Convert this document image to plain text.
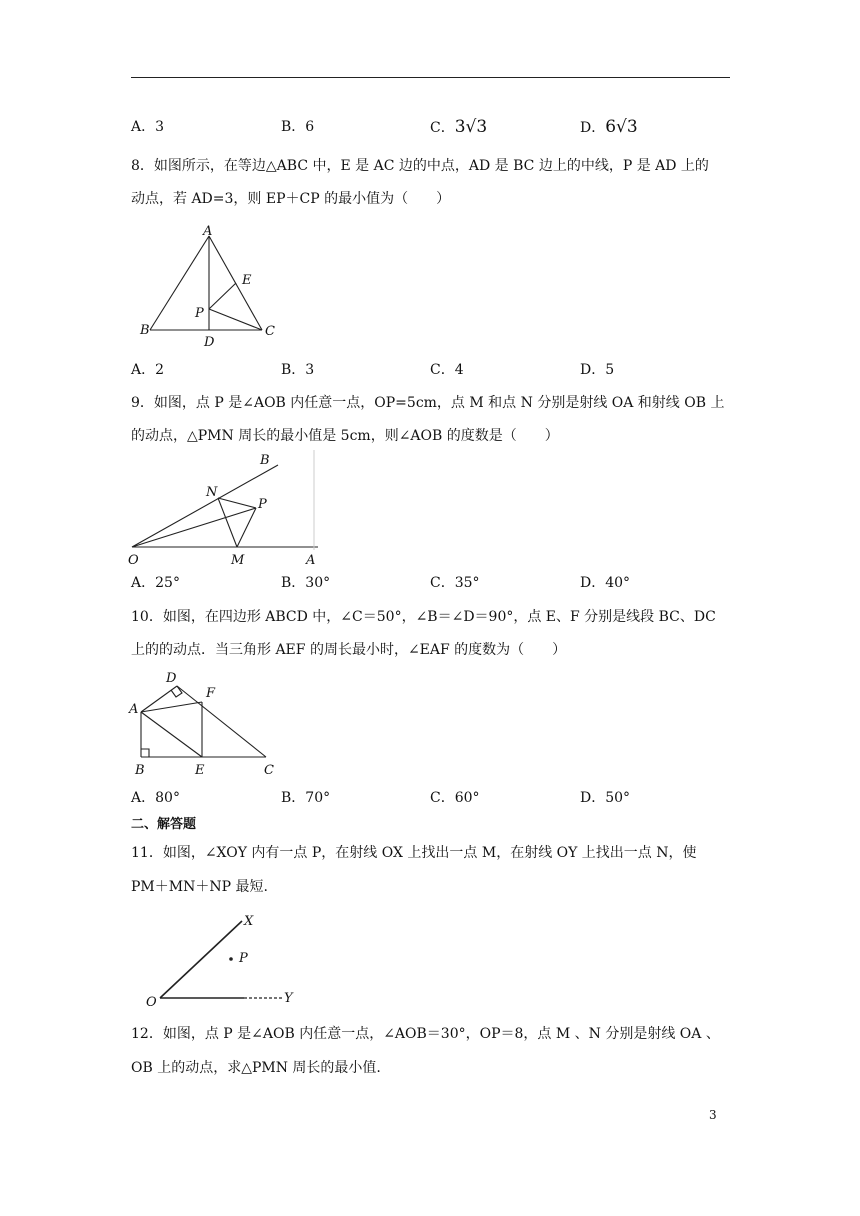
A．3	B．6	C．3√3	D．6√3
8．如图所示，在等边△ABC 中，E 是 AC 边的中点，AD 是 BC 边上的中线，P 是 AD 上的
动点，若 AD=3，则 EP＋CP 的最小值为（　　）
A
B	C
D
E
P
A．2	B．3	C．4	D．5
9．如图，点 P 是∠AOB 内任意一点，OP=5cm，点 M 和点 N 分别是射线 OA 和射线 OB 上
的动点，△PMN 周长的最小值是 5cm，则∠AOB 的度数是（　　）
B
N
P
O	M	A
A．25°	B．30°	C．35°	D．40°
10．如图，在四边形 ABCD 中，∠C＝50°，∠B＝∠D＝90°，点 E、F 分别是线段 BC、DC
上的的动点．当三角形 AEF 的周长最小时，∠EAF 的度数为（　　）
D
F
A
B	E	C
A．80°	B．70°	C．60°	D．50°
二、解答题
11．如图，∠XOY 内有一点 P，在射线 OX 上找出一点 M，在射线 OY 上找出一点 N，使
PM＋MN＋NP 最短.
X
P
O	Y
12．如图，点 P 是∠AOB 内任意一点，∠AOB＝30°，OP＝8，点 M 、N 分别是射线 OA 、
OB 上的动点，求△PMN 周长的最小值.
3
